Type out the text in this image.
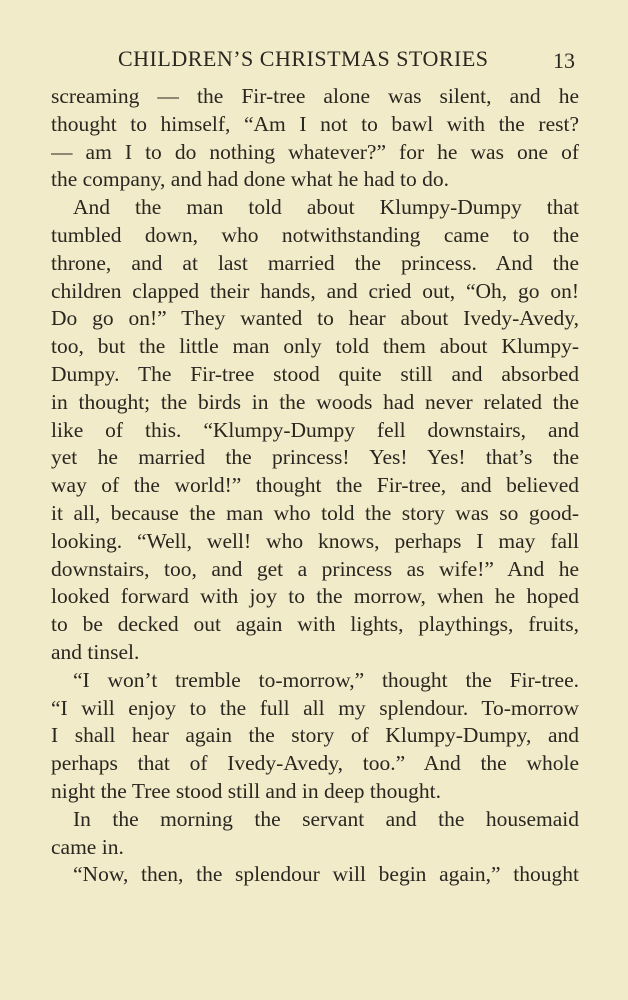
CHILDREN’S CHRISTMAS STORIES	13
screaming — the Fir-tree alone was silent, and he
thought to himself, “Am I not to bawl with the rest?
— am I to do nothing whatever?” for he was one of
the company, and had done what he had to do.
And the man told about Klumpy-Dumpy that
tumbled down, who notwithstanding came to the
throne, and at last married the princess. And the
children clapped their hands, and cried out, “Oh, go on!
Do go on!” They wanted to hear about Ivedy-Avedy,
too, but the little man only told them about Klumpy-
Dumpy. The Fir-tree stood quite still and absorbed
in thought; the birds in the woods had never related the
like of this. “Klumpy-Dumpy fell downstairs, and
yet he married the princess! Yes! Yes! that’s the
way of the world!” thought the Fir-tree, and believed
it all, because the man who told the story was so good-
looking. “Well, well! who knows, perhaps I may fall
downstairs, too, and get a princess as wife!” And he
looked forward with joy to the morrow, when he hoped
to be decked out again with lights, playthings, fruits,
and tinsel.
“I won’t tremble to-morrow,” thought the Fir-tree.
“I will enjoy to the full all my splendour. To-morrow
I shall hear again the story of Klumpy-Dumpy, and
perhaps that of Ivedy-Avedy, too.” And the whole
night the Tree stood still and in deep thought.
In the morning the servant and the housemaid
came in.
“Now, then, the splendour will begin again,” thought
